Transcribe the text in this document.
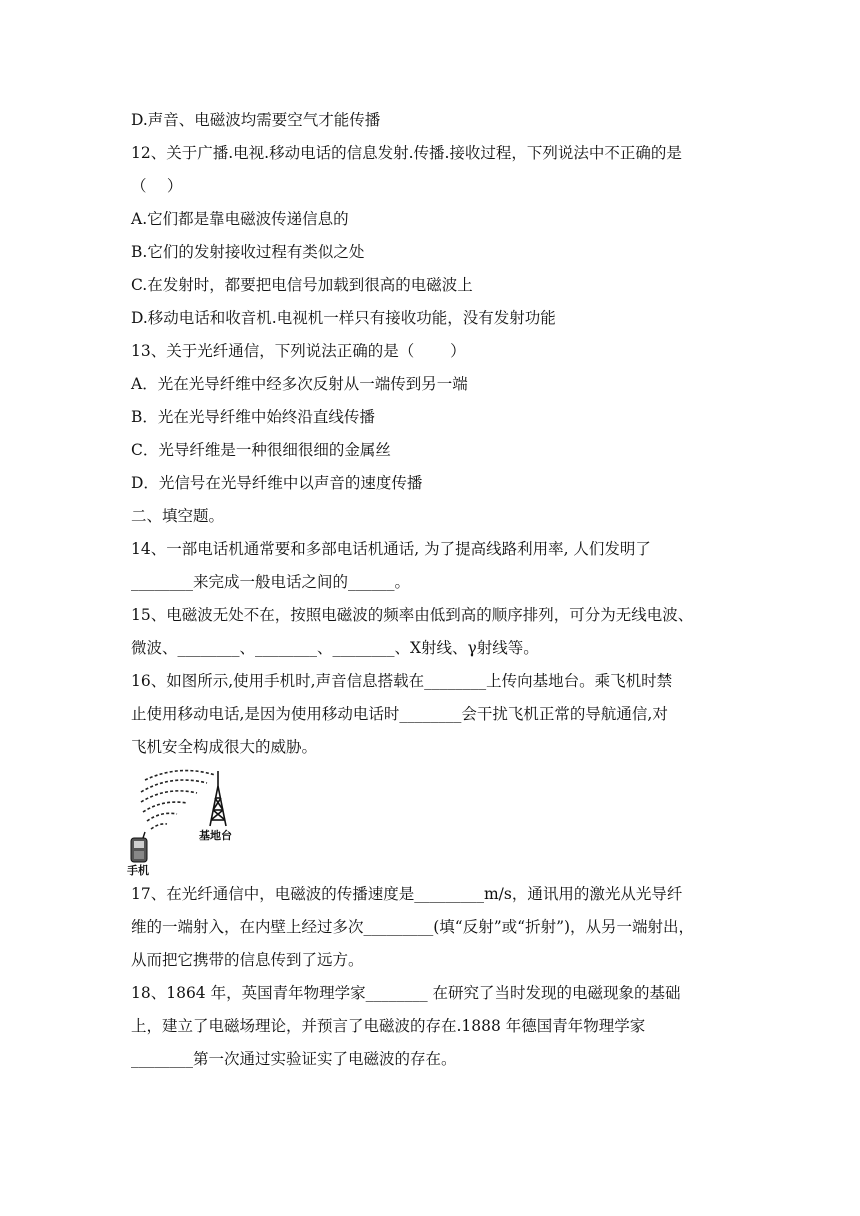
D.声音、电磁波均需要空气才能传播
12、关于广播.电视.移动电话的信息发射.传播.接收过程，下列说法中不正确的是
（　 ）
A.它们都是靠电磁波传递信息的
B.它们的发射接收过程有类似之处
C.在发射时，都要把电信号加载到很高的电磁波上
D.移动电话和收音机.电视机一样只有接收功能，没有发射功能
13、关于光纤通信，下列说法正确的是（　　 ）
A．光在光导纤维中经多次反射从一端传到另一端
B．光在光导纤维中始终沿直线传播
C．光导纤维是一种很细很细的金属丝
D．光信号在光导纤维中以声音的速度传播
二、填空题。
14、一部电话机通常要和多部电话机通话, 为了提高线路利用率, 人们发明了
________来完成一般电话之间的______。
15、电磁波无处不在，按照电磁波的频率由低到高的顺序排列，可分为无线电波、
微波、________、________、________、X射线、γ射线等。
16、如图所示,使用手机时,声音信息搭载在________上传向基地台。乘飞机时禁
止使用移动电话,是因为使用移动电话时________会干扰飞机正常的导航通信,对
飞机安全构成很大的威胁。
基地台
手机
17、在光纤通信中，电磁波的传播速度是_________m/s，通讯用的激光从光导纤
维的一端射入，在内壁上经过多次_________(填“反射”或“折射”)，从另一端射出，
从而把它携带的信息传到了远方。
18、1864 年，英国青年物理学家________ 在研究了当时发现的电磁现象的基础
上，建立了电磁场理论，并预言了电磁波的存在.1888 年德国青年物理学家
________第一次通过实验证实了电磁波的存在。
